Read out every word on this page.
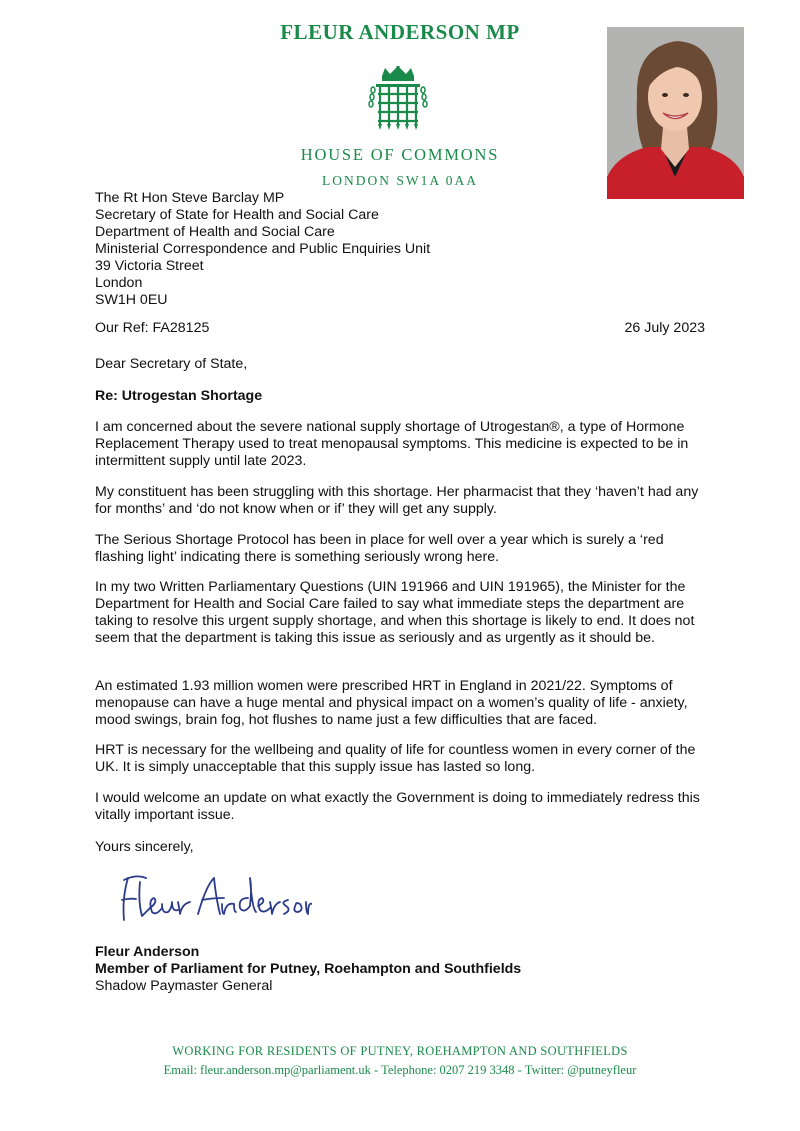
FLEUR ANDERSON MP
HOUSE OF COMMONS
LONDON SW1A 0AA
The Rt Hon Steve Barclay MP
Secretary of State for Health and Social Care
Department of Health and Social Care
Ministerial Correspondence and Public Enquiries Unit
39 Victoria Street
London
SW1H 0EU
Our Ref: FA28125	26 July 2023
Dear Secretary of State,
Re: Utrogestan Shortage
I am concerned about the severe national supply shortage of Utrogestan®, a type of Hormone Replacement Therapy used to treat menopausal symptoms. This medicine is expected to be in intermittent supply until late 2023.
My constituent has been struggling with this shortage. Her pharmacist that they ‘haven’t had any for months’ and ‘do not know when or if’ they will get any supply.
The Serious Shortage Protocol has been in place for well over a year which is surely a ‘red flashing light’ indicating there is something seriously wrong here.
In my two Written Parliamentary Questions (UIN 191966 and UIN 191965), the Minister for the Department for Health and Social Care failed to say what immediate steps the department are taking to resolve this urgent supply shortage, and when this shortage is likely to end. It does not seem that the department is taking this issue as seriously and as urgently as it should be.
An estimated 1.93 million women were prescribed HRT in England in 2021/22. Symptoms of menopause can have a huge mental and physical impact on a women’s quality of life - anxiety, mood swings, brain fog, hot flushes to name just a few difficulties that are faced.
HRT is necessary for the wellbeing and quality of life for countless women in every corner of the UK. It is simply unacceptable that this supply issue has lasted so long.
I would welcome an update on what exactly the Government is doing to immediately redress this vitally important issue.
Yours sincerely,
Fleur Anderson
Member of Parliament for Putney, Roehampton and Southfields
Shadow Paymaster General
WORKING FOR RESIDENTS OF PUTNEY, ROEHAMPTON AND SOUTHFIELDS
Email: fleur.anderson.mp@parliament.uk - Telephone: 0207 219 3348 - Twitter: @putneyfleur
